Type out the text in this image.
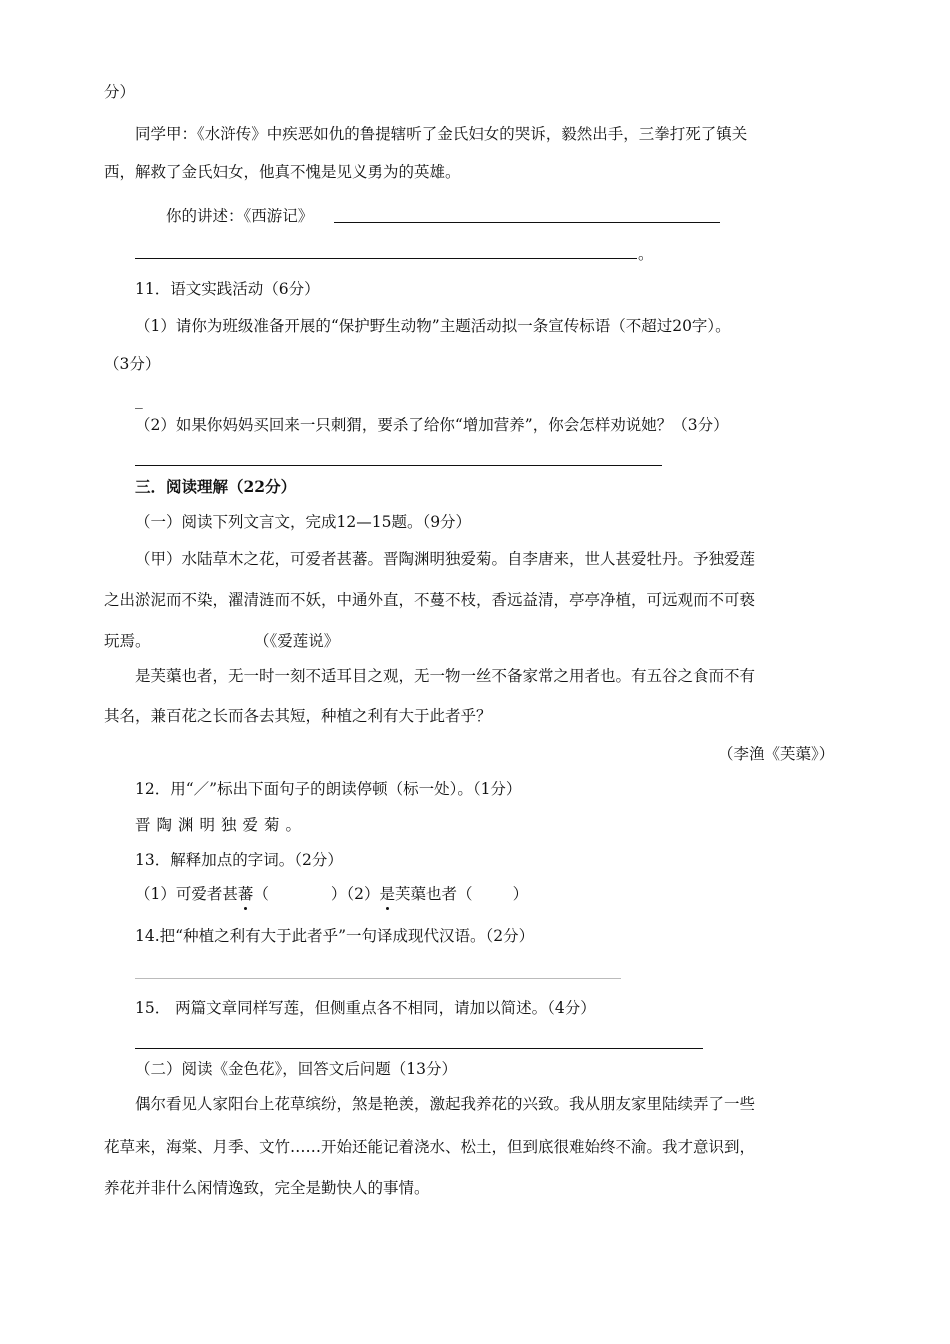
分）

同学甲：《水浒传》中疾恶如仇的鲁提辖听了金氏妇女的哭诉，毅然出手，三拳打死了镇关

西，解救了金氏妇女，他真不愧是见义勇为的英雄。

你的讲述：《西游记》

。

11．语文实践活动（6分）

（1）请你为班级准备开展的“保护野生动物”主题活动拟一条宣传标语（不超过20字）。

（3分）

_

（2）如果你妈妈买回来一只刺猬，要杀了给你“增加营养”，你会怎样劝说她？（3分）

三．阅读理解（22分）

（一）阅读下列文言文，完成12—15题。（9分）

（甲）水陆草木之花，可爱者甚蕃。晋陶渊明独爱菊。自李唐来，世人甚爱牡丹。予独爱莲

之出淤泥而不染，濯清涟而不妖，中通外直，不蔓不枝，香远益清，亭亭净植，可远观而不可亵

玩焉。	（《爱莲说》

是芙蕖也者，无一时一刻不适耳目之观，无一物一丝不备家常之用者也。有五谷之食而不有

其名，兼百花之长而各去其短，种植之利有大于此者乎？

（李渔《芙蕖》）

12．用“／”标出下面句子的朗读停顿（标一处）。（1分）

晋陶渊明独爱菊。

13．解释加点的字词。（2分）

（1）可爱者甚蕃（	）（2）是芙蕖也者（	）

14.把“种植之利有大于此者乎”一句译成现代汉语。（2分）

15． 两篇文章同样写莲，但侧重点各不相同，请加以简述。（4分）

（二）阅读《金色花》，回答文后问题（13分）

偶尔看见人家阳台上花草缤纷，煞是艳羡，激起我养花的兴致。我从朋友家里陆续弄了一些

花草来，海棠、月季、文竹……开始还能记着浇水、松土，但到底很难始终不渝。我才意识到，

养花并非什么闲情逸致，完全是勤快人的事情。
